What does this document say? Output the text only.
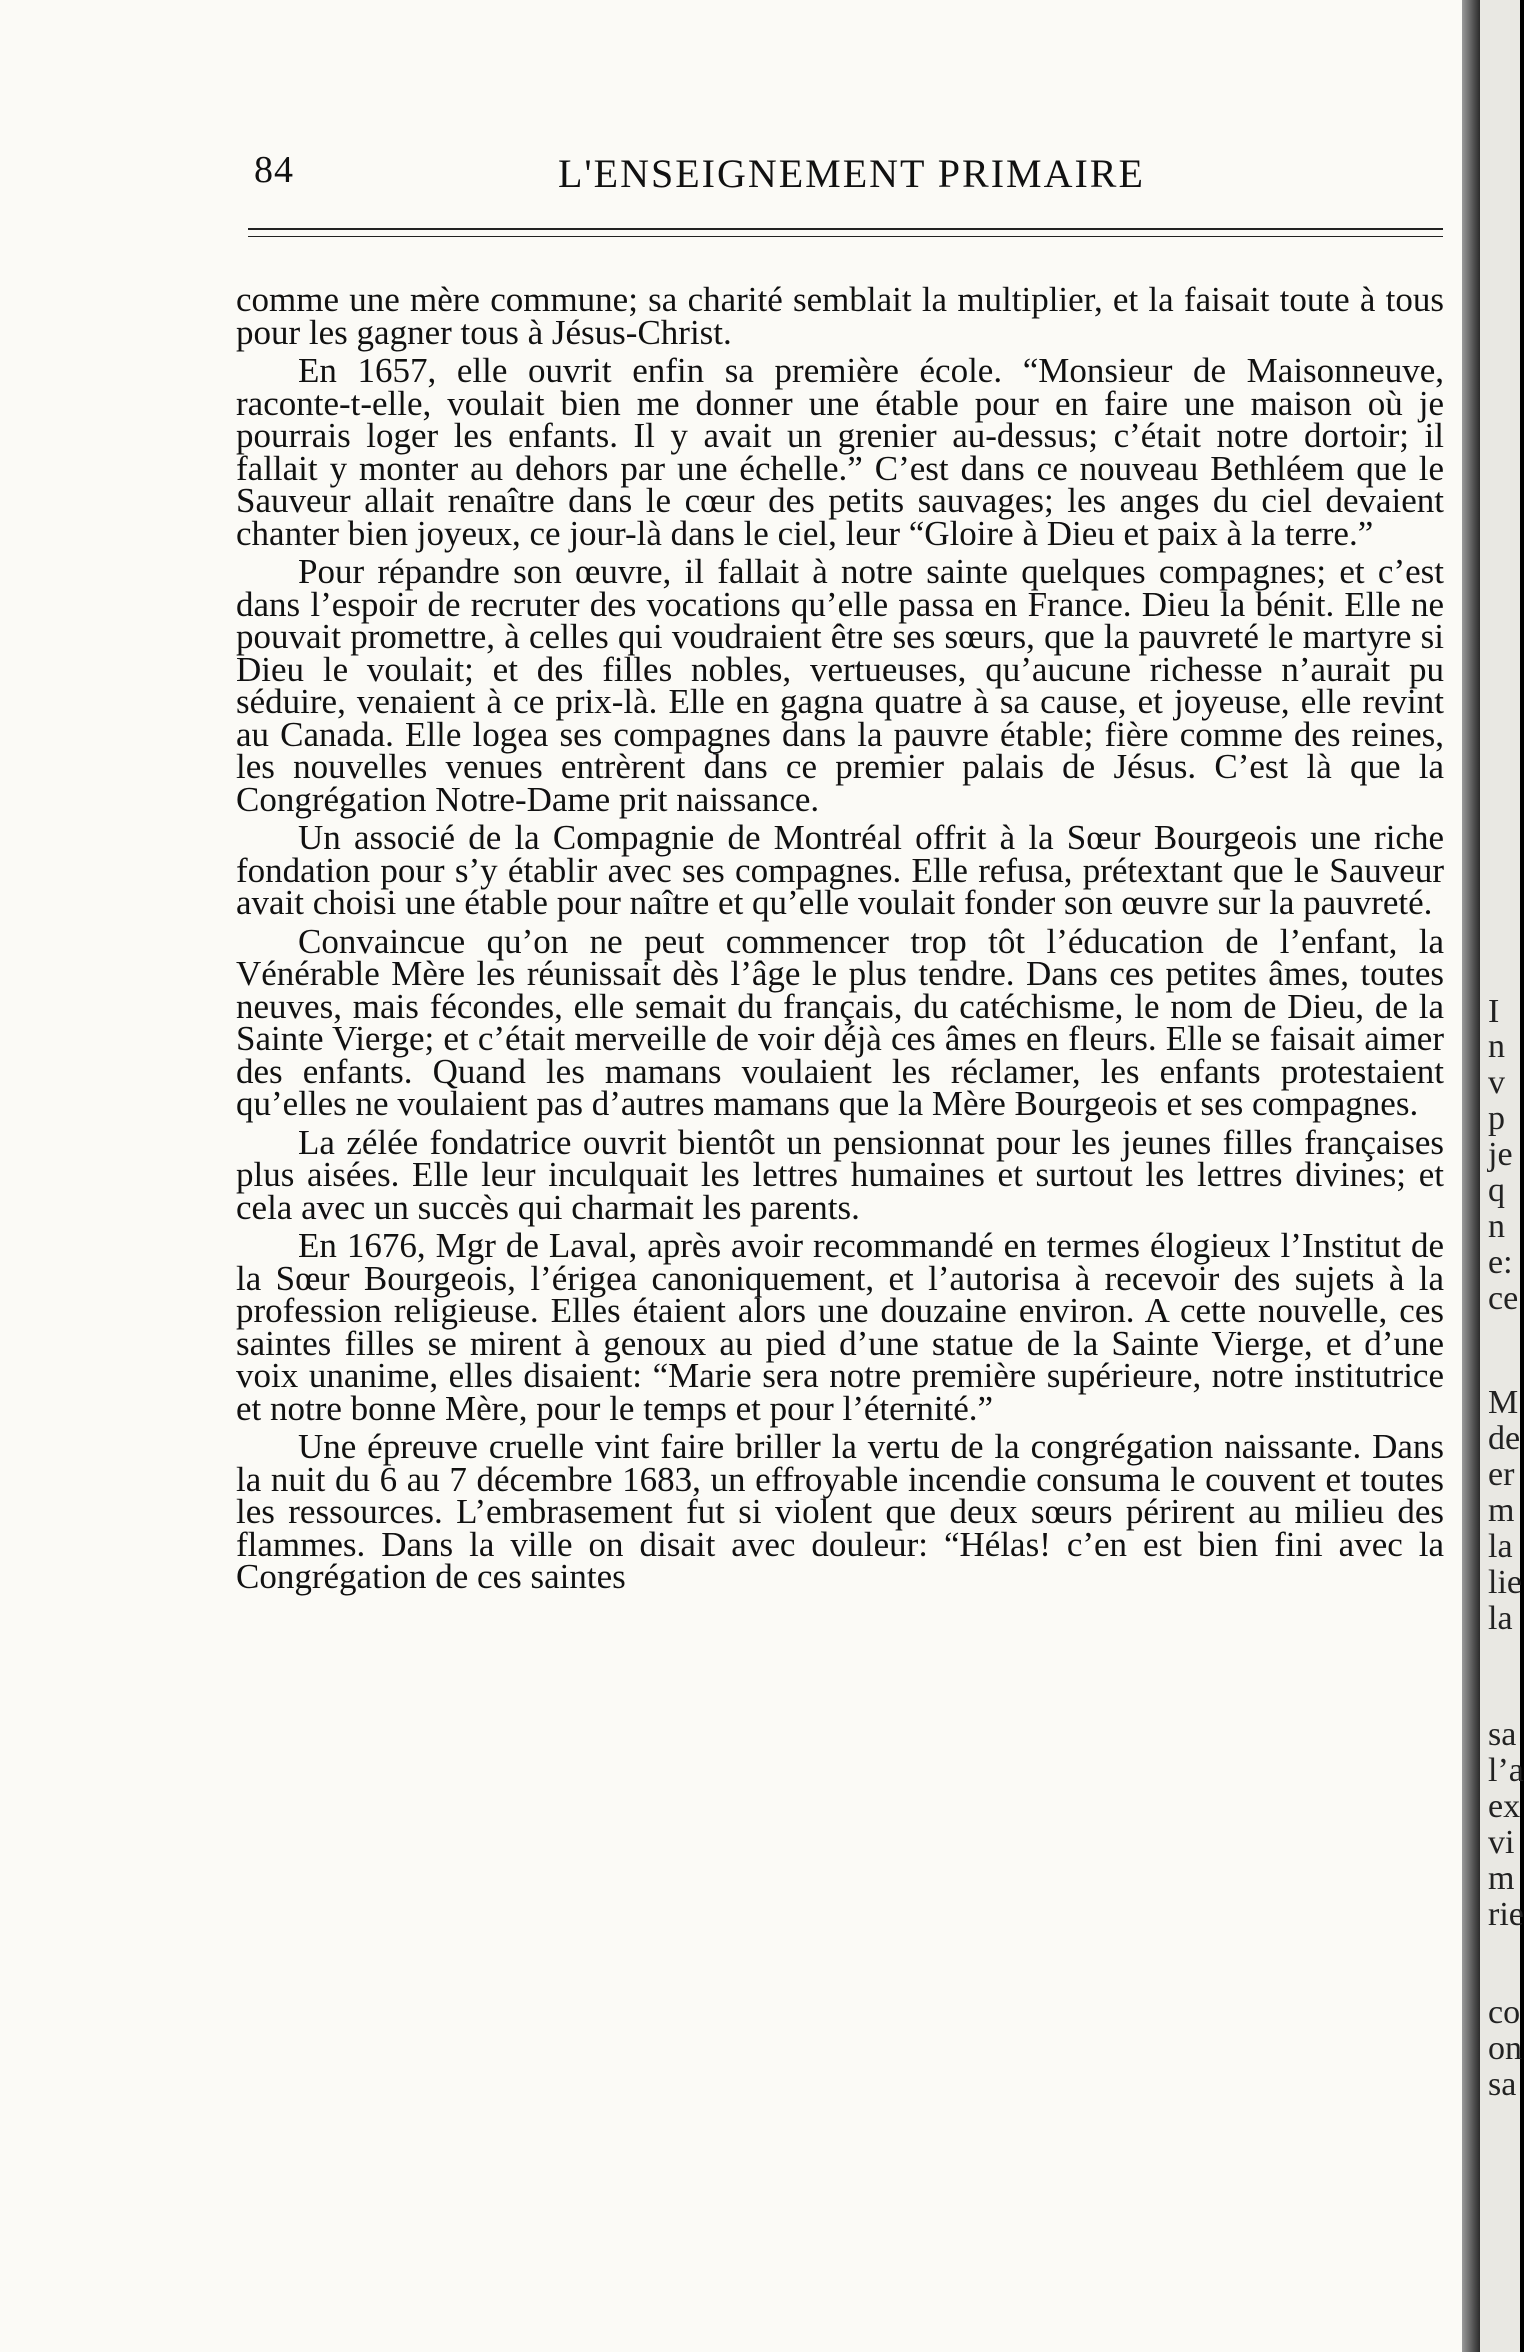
84	L'ENSEIGNEMENT PRIMAIRE

comme une mère commune; sa charité semblait la multiplier, et la faisait toute à tous pour les gagner tous à Jésus-Christ.

En 1657, elle ouvrit enfin sa première école. “Monsieur de Maisonneuve, raconte-t-elle, voulait bien me donner une étable pour en faire une maison où je pourrais loger les enfants. Il y avait un grenier au-dessus; c’était notre dortoir; il fallait y monter au dehors par une échelle.” C’est dans ce nouveau Bethléem que le Sauveur allait renaître dans le cœur des petits sauvages; les anges du ciel devaient chanter bien joyeux, ce jour-là dans le ciel, leur “Gloire à Dieu et paix à la terre.”

Pour répandre son œuvre, il fallait à notre sainte quelques compagnes; et c’est dans l’espoir de recruter des vocations qu’elle passa en France. Dieu la bénit. Elle ne pouvait promettre, à celles qui voudraient être ses sœurs, que la pauvreté le martyre si Dieu le voulait; et des filles nobles, vertueuses, qu’aucune richesse n’aurait pu séduire, venaient à ce prix-là. Elle en gagna quatre à sa cause, et joyeuse, elle revint au Canada. Elle logea ses compagnes dans la pauvre étable; fière comme des reines, les nouvelles venues entrèrent dans ce premier palais de Jésus. C’est là que la Congrégation Notre-Dame prit naissance.

Un associé de la Compagnie de Montréal offrit à la Sœur Bourgeois une riche fondation pour s’y établir avec ses compagnes. Elle refusa, prétextant que le Sauveur avait choisi une étable pour naître et qu’elle voulait fonder son œuvre sur la pauvreté.

Convaincue qu’on ne peut commencer trop tôt l’éducation de l’enfant, la Vénérable Mère les réunissait dès l’âge le plus tendre. Dans ces petites âmes, toutes neuves, mais fécondes, elle semait du français, du catéchisme, le nom de Dieu, de la Sainte Vierge; et c’était merveille de voir déjà ces âmes en fleurs. Elle se faisait aimer des enfants. Quand les mamans voulaient les réclamer, les enfants protestaient qu’elles ne voulaient pas d’autres mamans que la Mère Bourgeois et ses compagnes.

La zélée fondatrice ouvrit bientôt un pensionnat pour les jeunes filles françaises plus aisées. Elle leur inculquait les lettres humaines et surtout les lettres divines; et cela avec un succès qui charmait les parents.

En 1676, Mgr de Laval, après avoir recommandé en termes élogieux l’Institut de la Sœur Bourgeois, l’érigea canoniquement, et l’autorisa à recevoir des sujets à la profession religieuse. Elles étaient alors une douzaine environ. A cette nouvelle, ces saintes filles se mirent à genoux au pied d’une statue de la Sainte Vierge, et d’une voix unanime, elles disaient: “Marie sera notre première supérieure, notre institutrice et notre bonne Mère, pour le temps et pour l’éternité.”

Une épreuve cruelle vint faire briller la vertu de la congrégation naissante. Dans la nuit du 6 au 7 décembre 1683, un effroyable incendie consuma le couvent et toutes les ressources. L’embrasement fut si violent que deux sœurs périrent au milieu des flammes. Dans la ville on disait avec douleur: “Hélas! c’en est bien fini avec la Congrégation de ces saintes

I
n
v
p
je
q
n
e:
ce
M
de
er
m
la
lie
la
sa
l’a
ex
vi
m
rie
co
on
sa
